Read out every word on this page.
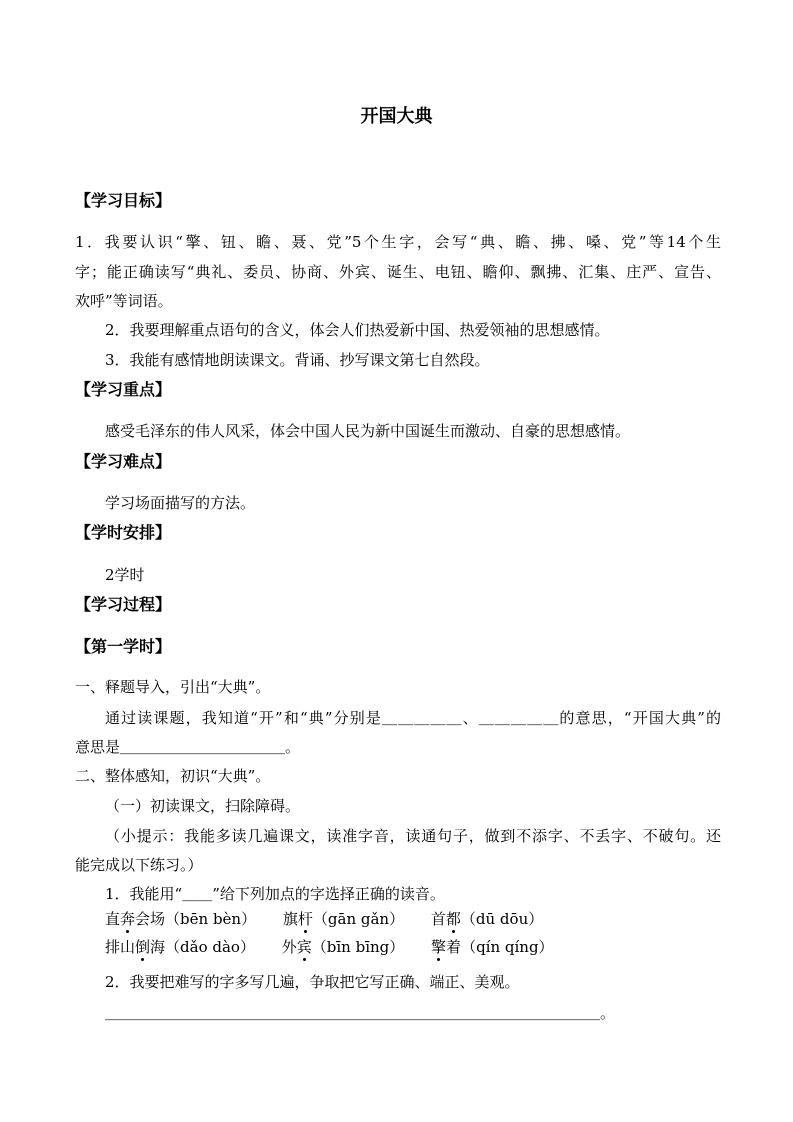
开国大典
【学习目标】
1．我要认识“擎、钮、瞻、聂、党”5个生字，会写“典、瞻、拂、嗓、党”等14个生
字；能正确读写“典礼、委员、协商、外宾、诞生、电钮、瞻仰、飘拂、汇集、庄严、宣告、
欢呼”等词语。
2．我要理解重点语句的含义，体会人们热爱新中国、热爱领袖的思想感情。
3．我能有感情地朗读课文。背诵、抄写课文第七自然段。
【学习重点】
感受毛泽东的伟人风采，体会中国人民为新中国诞生而激动、自豪的思想感情。
【学习难点】
学习场面描写的方法。
【学时安排】
2学时
【学习过程】
【第一学时】
一、释题导入，引出“大典”。
通过读课题，我知道“开”和“典”分别是＿＿＿＿＿、＿＿＿＿＿的意思，“开国大典”的
意思是＿＿＿＿＿＿＿＿＿＿＿。
二、整体感知，初识“大典”。
（一）初读课文，扫除障碍。
（小提示：我能多读几遍课文，读准字音，读通句子，做到不添字、不丢字、不破句。还
能完成以下练习。）
1．我能用“＿＿”给下列加点的字选择正确的读音。
直奔会场（bēn bèn） 旗杆（gān gǎn） 首都（dū dōu）
排山倒海（dǎo dào） 外宾（bīn bīng） 擎着（qín qíng）
2．我要把难写的字多写几遍，争取把它写正确、端正、美观。
＿＿＿＿＿＿＿＿＿＿＿＿＿＿＿＿＿＿＿＿＿＿＿＿＿＿＿＿＿＿＿＿＿。
